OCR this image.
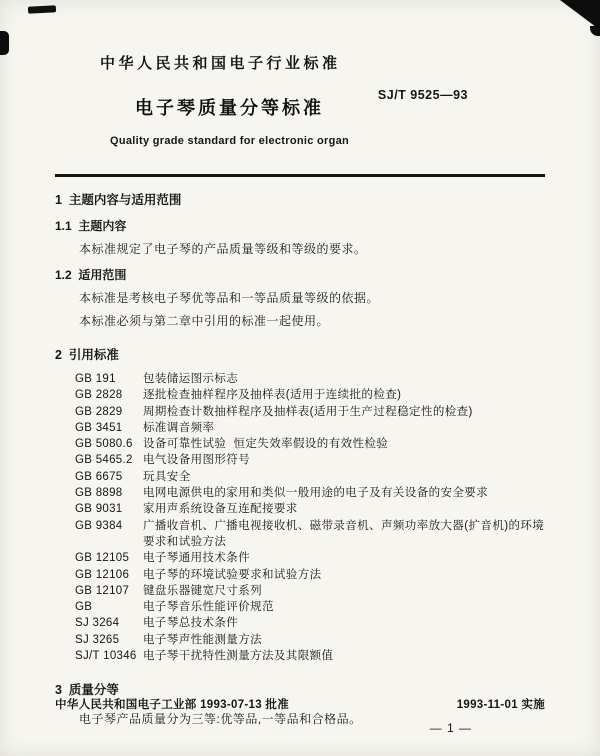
中华人民共和国电子行业标准
电子琴质量分等标准
SJ/T 9525—93
Quality grade standard for electronic organ
1  主题内容与适用范围
1.1  主题内容

本标准规定了电子琴的产品质量等级和等级的要求。

1.2  适用范围

本标准是考核电子琴优等品和一等品质量等级的依据。

本标准必须与第二章中引用的标准一起使用。

2  引用标准
GB 191	包装储运图示标志
GB 2828	逐批检查抽样程序及抽样表(适用于连续批的检查)
GB 2829	周期检查计数抽样程序及抽样表(适用于生产过程稳定性的检查)
GB 3451	标准调音频率
GB 5080.6 设备可靠性试验  恒定失效率假设的有效性检验
GB 5465.2 电气设备用图形符号
GB 6675	玩具安全
GB 8898	电网电源供电的家用和类似一般用途的电子及有关设备的安全要求
GB 9031	家用声系统设备互连配接要求
GB 9384	广播收音机、广播电视接收机、磁带录音机、声频功率放大器(扩音机)的环境要求和试验方法
GB 12105	电子琴通用技术条件
GB 12106	电子琴的环境试验要求和试验方法
GB 12107	键盘乐器键宽尺寸系列
GB	电子琴音乐性能评价规范
SJ 3264	电子琴总技术条件
SJ 3265	电子琴声性能测量方法
SJ/T 10346 电子琴干扰特性测量方法及其限额值
3  质量分等

电子琴产品质量分为三等:优等品,一等品和合格品。

中华人民共和国电子工业部 1993-07-13 批准	1993-11-01 实施
— 1 —
